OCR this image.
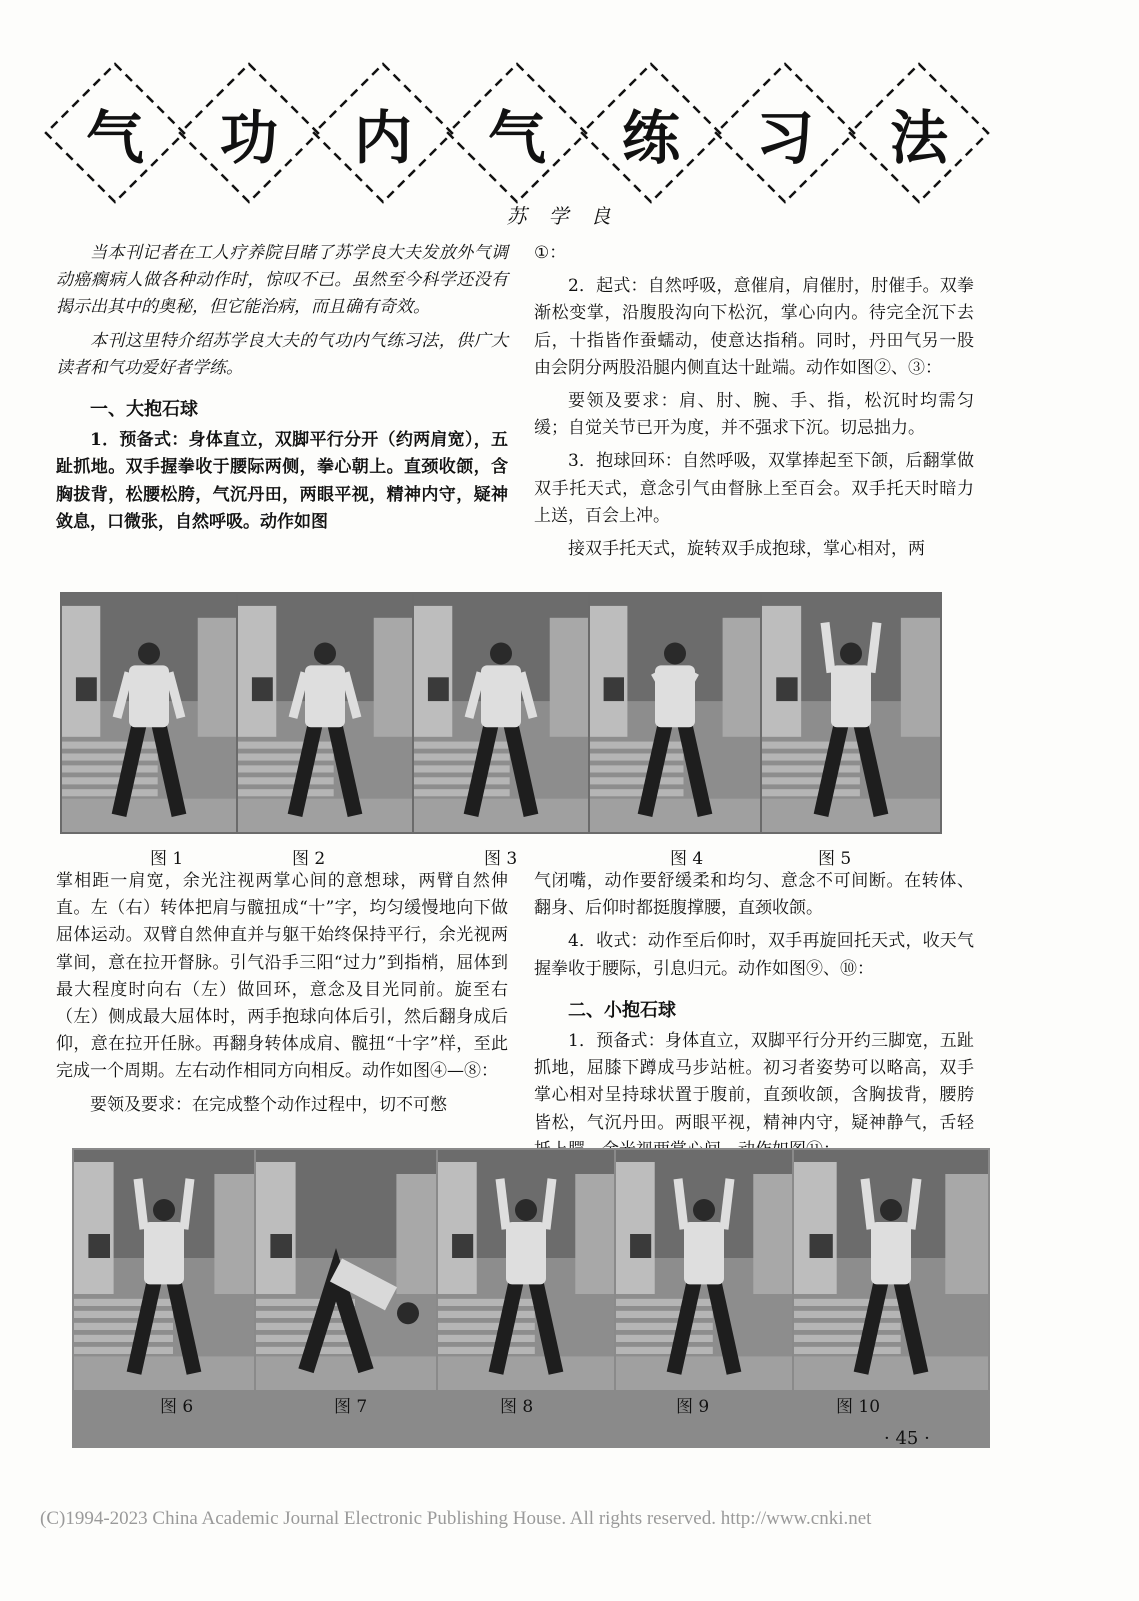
气	功	内	气	练	习	法
苏学良

当本刊记者在工人疗养院目睹了苏学良大夫发放外气调动癌瘸病人做各种动作时，惊叹不已。虽然至今科学还没有揭示出其中的奥秘，但它能治病，而且确有奇效。

本刊这里特介绍苏学良大夫的气功内气练习法，供广大读者和气功爱好者学练。

一、大抱石球

1．预备式：身体直立，双脚平行分开（约两肩宽），五趾抓地。双手握拳收于腰际两侧，拳心朝上。直颈收颌，含胸拔背，松腰松胯，气沉丹田，两眼平视，精神内守，疑神敛息，口微张，自然呼吸。动作如图

①：

2．起式：自然呼吸，意催肩，肩催肘，肘催手。双拳渐松变掌，沿腹股沟向下松沉，掌心向内。待完全沉下去后，十指皆作蚕蠕动，使意达指稍。同时，丹田气另一股由会阴分两股沿腿内侧直达十趾端。动作如图②、③：

要领及要求：肩、肘、腕、手、指，松沉时均需匀缓；自觉关节已开为度，并不强求下沉。切忌拙力。

3．抱球回环：自然呼吸，双掌捧起至下颌，后翻掌做双手托天式，意念引气由督脉上至百会。双手托天时暗力上送，百会上冲。

接双手托天式，旋转双手成抱球，掌心相对，两

图 1	图 2	图 3	图 4	图 5

掌相距一肩宽，余光注视两掌心间的意想球，两臂自然伸直。左（右）转体把肩与髋扭成“十”字，均匀缓慢地向下做屈体运动。双臂自然伸直并与躯干始终保持平行，余光视两掌间，意在拉开督脉。引气沿手三阳“过力”到指梢，屈体到最大程度时向右（左）做回环，意念及目光同前。旋至右（左）侧成最大屈体时，两手抱球向体后引，然后翻身成后仰，意在拉开任脉。再翻身转体成肩、髋扭“十字”样，至此完成一个周期。左右动作相同方向相反。动作如图④—⑧：

要领及要求：在完成整个动作过程中，切不可憋

气闭嘴，动作要舒缓柔和均匀、意念不可间断。在转体、翻身、后仰时都挺腹撑腰，直颈收颌。

4．收式：动作至后仰时，双手再旋回托天式，收天气握拳收于腰际，引息归元。动作如图⑨、⑩：

二、小抱石球

1．预备式：身体直立，双脚平行分开约三脚宽，五趾抓地，屈膝下蹲成马步站桩。初习者姿势可以略高，双手掌心相对呈持球状置于腹前，直颈收颌，含胸拔背，腰胯皆松，气沉丹田。两眼平视，精神内守，疑神静气，舌轻

图 6	图 7	图 8	图 9	图 10
· 45 ·
(C)1994-2023 China Academic Journal Electronic Publishing House. All rights reserved. http://www.cnki.net
